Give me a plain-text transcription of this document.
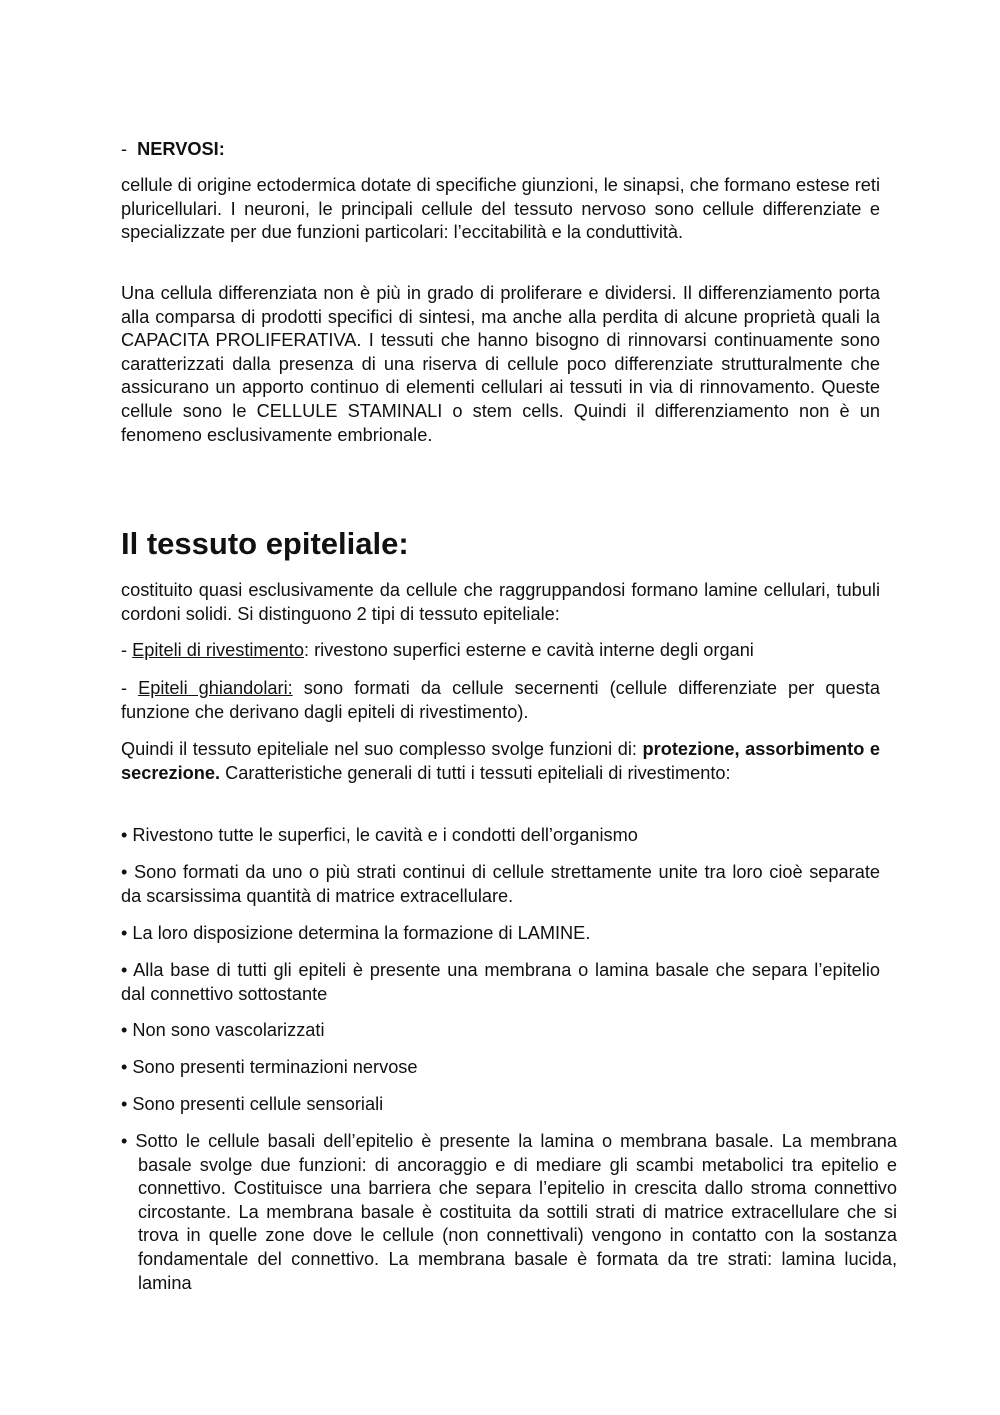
- NERVOSI:

cellule di origine ectodermica dotate di specifiche giunzioni, le sinapsi, che formano estese reti pluricellulari. I neuroni, le principali cellule del tessuto nervoso sono cellule differenziate e specializzate per due funzioni particolari: l’eccitabilità e la conduttività.

Una cellula differenziata non è più in grado di proliferare e dividersi. Il differenziamento porta alla comparsa di prodotti specifici di sintesi, ma anche alla perdita di alcune proprietà quali la CAPACITA PROLIFERATIVA. I tessuti che hanno bisogno di rinnovarsi continuamente sono caratterizzati dalla presenza di una riserva di cellule poco differenziate strutturalmente che assicurano un apporto continuo di elementi cellulari ai tessuti in via di rinnovamento. Queste cellule sono le CELLULE STAMINALI o stem cells. Quindi il differenziamento non è un fenomeno esclusivamente embrionale.

Il tessuto epiteliale:

costituito quasi esclusivamente da cellule che raggruppandosi formano lamine cellulari, tubuli cordoni solidi. Si distinguono 2 tipi di tessuto epiteliale:

- Epiteli di rivestimento: rivestono superfici esterne e cavità interne degli organi

- Epiteli ghiandolari: sono formati da cellule secernenti (cellule differenziate per questa funzione che derivano dagli epiteli di rivestimento).

Quindi il tessuto epiteliale nel suo complesso svolge funzioni di: protezione, assorbimento e secrezione. Caratteristiche generali di tutti i tessuti epiteliali di rivestimento:

• Rivestono tutte le superfici, le cavità e i condotti dell’organismo

• Sono formati da uno o più strati continui di cellule strettamente unite tra loro cioè separate da scarsissima quantità di matrice extracellulare.

• La loro disposizione determina la formazione di LAMINE.

• Alla base di tutti gli epiteli è presente una membrana o lamina basale che separa l’epitelio dal connettivo sottostante

• Non sono vascolarizzati

• Sono presenti terminazioni nervose

• Sono presenti cellule sensoriali

• Sotto le cellule basali dell’epitelio è presente la lamina o membrana basale. La membrana basale svolge due funzioni: di ancoraggio e di mediare gli scambi metabolici tra epitelio e connettivo. Costituisce una barriera che separa l’epitelio in crescita dallo stroma connettivo circostante. La membrana basale è costituita da sottili strati di matrice extracellulare che si trova in quelle zone dove le cellule (non connettivali) vengono in contatto con la sostanza fondamentale del connettivo. La membrana basale è formata da tre strati: lamina lucida, lamina
